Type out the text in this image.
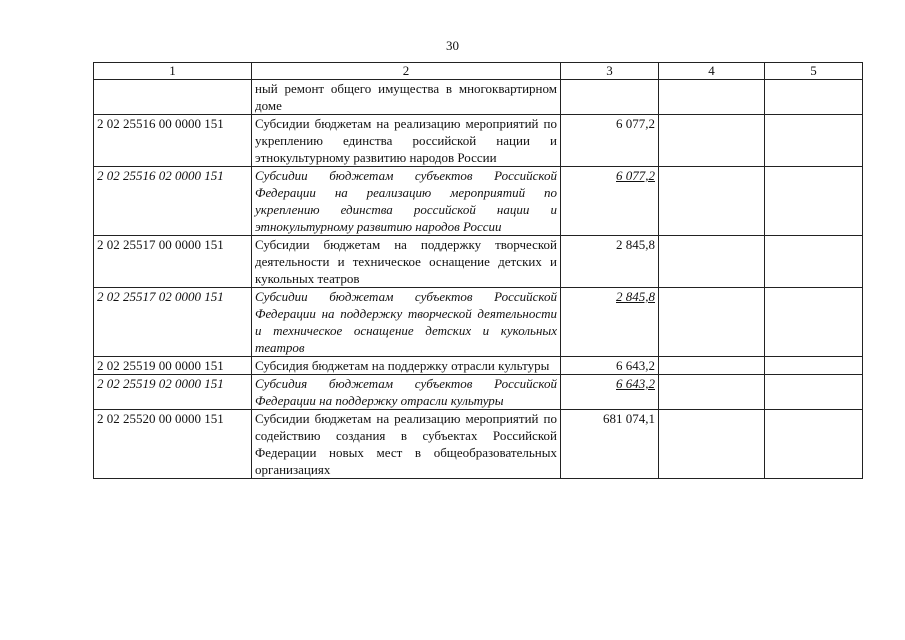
30
1	2	3	4	5
	ный ремонт общего имущества в многоквартирном доме			
2 02 25516 00 0000 151	Субсидии бюджетам на реализацию мероприятий по укреплению единства российской нации и этнокультурному развитию народов России	6 077,2		
2 02 25516 02 0000 151	Субсидии бюджетам субъектов Российской Федерации на реализацию мероприятий по укреплению единства российской нации и этнокультурному развитию народов России	6 077,2		
2 02 25517 00 0000 151	Субсидии бюджетам на поддержку творческой деятельности и техническое оснащение детских и кукольных театров	2 845,8		
2 02 25517 02 0000 151	Субсидии бюджетам субъектов Российской Федерации на поддержку творческой деятельности и техническое оснащение детских и кукольных театров	2 845,8		
2 02 25519 00 0000 151	Субсидия бюджетам на поддержку отрасли культуры	6 643,2		
2 02 25519 02 0000 151	Субсидия бюджетам субъектов Российской Федерации на поддержку отрасли культуры	6 643,2		
2 02 25520 00 0000 151	Субсидии бюджетам на реализацию мероприятий по содействию создания в субъектах Российской Федерации новых мест в общеобразовательных организациях	681 074,1		
